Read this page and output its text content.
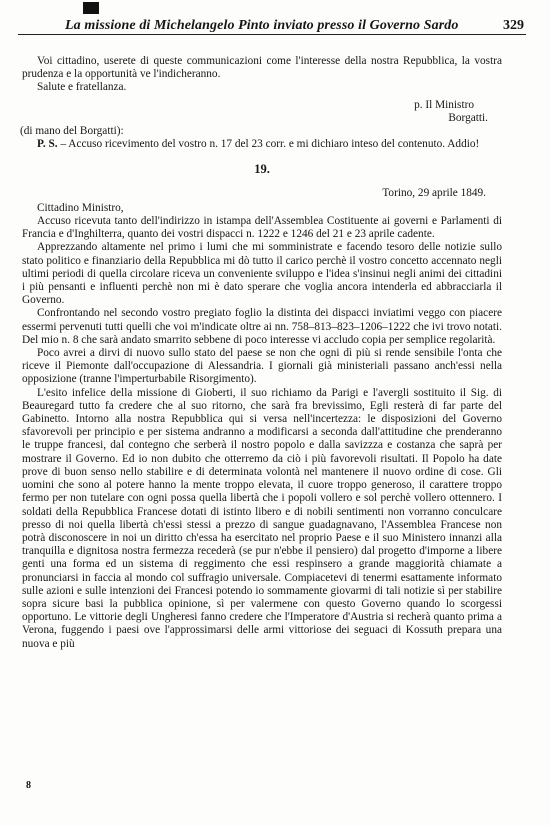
La missione di Michelangelo Pinto inviato presso il Governo Sardo	329

Voi cittadino, userete di queste communicazioni come l'interesse della nostra Repubblica, la vostra prudenza e la opportunità ve l'indicheranno.

Salute e fratellanza.

p. Il Ministro
Borgatti.

(di mano del Borgatti):

P. S. – Accuso ricevimento del vostro n. 17 del 23 corr. e mi dichiaro inteso del contenuto. Addio!

19.
Torino, 29 aprile 1849.

Cittadino Ministro,

Accuso ricevuta tanto dell'indirizzo in istampa dell'Assemblea Costituente ai governi e Parlamenti di Francia e d'Inghilterra, quanto dei vostri dispacci n. 1222 e 1246 del 21 e 23 aprile cadente.

Apprezzando altamente nel primo i lumi che mi somministrate e facendo tesoro delle notizie sullo stato politico e finanziario della Repubblica mi dò tutto il carico perchè il vostro concetto accennato negli ultimi periodi di quella circolare riceva un conveniente sviluppo e l'idea s'insinui negli animi dei cittadini i più pensanti e influenti perchè non mi è dato sperare che voglia ancora intenderla ed abbracciarla il Governo.

Confrontando nel secondo vostro pregiato foglio la distinta dei dispacci inviatimi veggo con piacere essermi pervenuti tutti quelli che voi m'indicate oltre ai nn. 758–813–823–1206–1222 che ivi trovo notati. Del mio n. 8 che sarà andato smarrito sebbene di poco interesse vi accludo copia per semplice regolarità.

Poco avrei a dirvi di nuovo sullo stato del paese se non che ogni dì più si rende sensibile l'onta che riceve il Piemonte dall'occupazione di Alessandria. I giornali già ministeriali passano anch'essi nella opposizione (tranne l'imperturbabile Risorgimento).

L'esito infelice della missione di Gioberti, il suo richiamo da Parigi e l'avergli sostituito il Sig. di Beauregard tutto fa credere che al suo ritorno, che sarà fra brevissimo, Egli resterà di far parte del Gabinetto. Intorno alla nostra Repubblica qui si versa nell'incertezza: le disposizioni del Governo sfavorevoli per principio e per sistema andranno a modificarsi a seconda dall'attitudine che prenderanno le truppe francesi, dal contegno che serberà il nostro popolo e dalla savizzza e costanza che saprà per mostrare il Governo. Ed io non dubito che otterremo da ciò i più favorevoli risultati. Il Popolo ha date prove di buon senso nello stabilire e di determinata volontà nel mantenere il nuovo ordine di cose. Gli uomini che sono al potere hanno la mente troppo elevata, il cuore troppo generoso, il carattere troppo fermo per non tutelare con ogni possa quella libertà che i popoli vollero e sol perchè vollero ottennero. I soldati della Repubblica Francese dotati di istinto libero e di nobili sentimenti non vorranno conculcare presso di noi quella libertà ch'essi stessi a prezzo di sangue guadagnavano, l'Assemblea Francese non potrà disconoscere in noi un diritto ch'essa ha esercitato nel proprio Paese e il suo Ministero innanzi alla tranquilla e dignitosa nostra fermezza recederà (se pur n'ebbe il pensiero) dal progetto d'imporne a libere genti una forma ed un sistema di reggimento che essi respinsero a grande maggiorità chiamate a pronunciarsi in faccia al mondo col suffragio universale. Compiacetevi di tenermi esattamente informato sulle azioni e sulle intenzioni dei Francesi potendo io sommamente giovarmi di tali notizie sì per stabilire sopra sicure basi la pubblica opinione, sì per valermene con questo Governo quando lo scorgessi opportuno. Le vittorie degli Ungheresi fanno credere che l'Imperatore d'Austria si recherà quanto prima a Verona, fuggendo i paesi ove l'approssimarsi delle armi vittoriose dei seguaci di Kossuth prepara una nuova e più

8
